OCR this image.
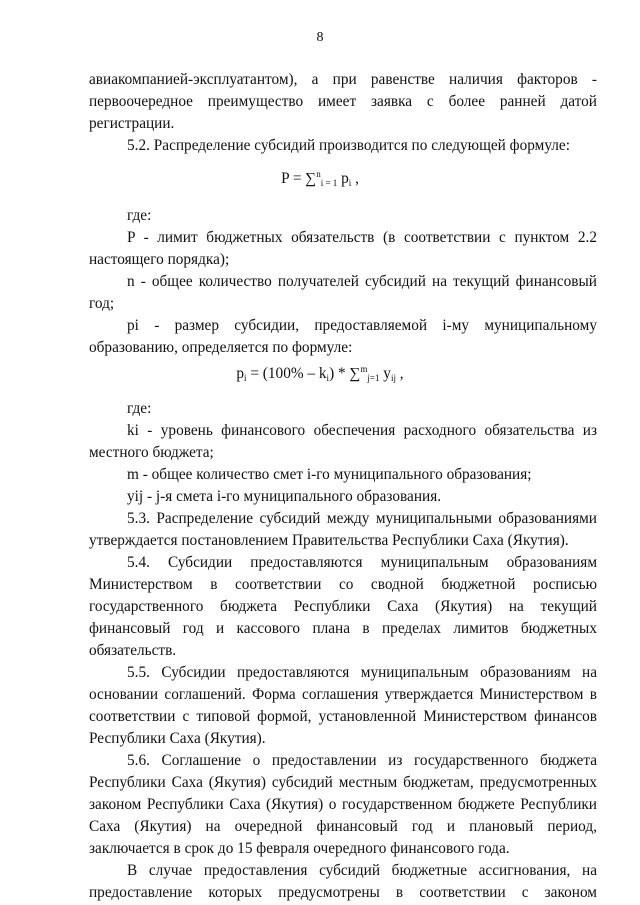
8
авиакомпанией-эксплуатантом), а при равенстве наличия факторов -
первоочередное преимущество имеет заявка с более ранней датой
регистрации.
5.2. Распределение субсидий производится по следующей формуле:
P = ∑$^n_{i = 1}$ $p_i$ ,
где:
P - лимит бюджетных обязательств (в соответствии с пунктом 2.2
настоящего порядка);
n - общее количество получателей субсидий на текущий финансовый
год;
pi - размер субсидии, предоставляемой i-му муниципальному
образованию, определяется по формуле:
$p_i = (100\% - k_i) * \sum^m_{j=1}$ $y_{ij}$ ,
где:
ki - уровень финансового обеспечения расходного обязательства из
местного бюджета;
m - общее количество смет i-го муниципального образования;
yij - j-я смета i-го муниципального образования.
5.3. Распределение субсидий между муниципальными образованиями
утверждается постановлением Правительства Республики Саха (Якутия).
5.4. Субсидии предоставляются муниципальным образованиям
Министерством в соответствии со сводной бюджетной росписью
государственного бюджета Республики Саха (Якутия) на текущий
финансовый год и кассового плана в пределах лимитов бюджетных
обязательств.
5.5. Субсидии предоставляются муниципальным образованиям на
основании соглашений. Форма соглашения утверждается Министерством в
соответствии с типовой формой, установленной Министерством финансов
Республики Саха (Якутия).
5.6. Соглашение о предоставлении из государственного бюджета
Республики Саха (Якутия) субсидий местным бюджетам, предусмотренных
законом Республики Саха (Якутия) о государственном бюджете Республики
Саха (Якутия) на очередной финансовый год и плановый период,
заключается в срок до 15 февраля очередного финансового года.
В случае предоставления субсидий бюджетные ассигнования, на
предоставление которых предусмотрены в соответствии с законом
